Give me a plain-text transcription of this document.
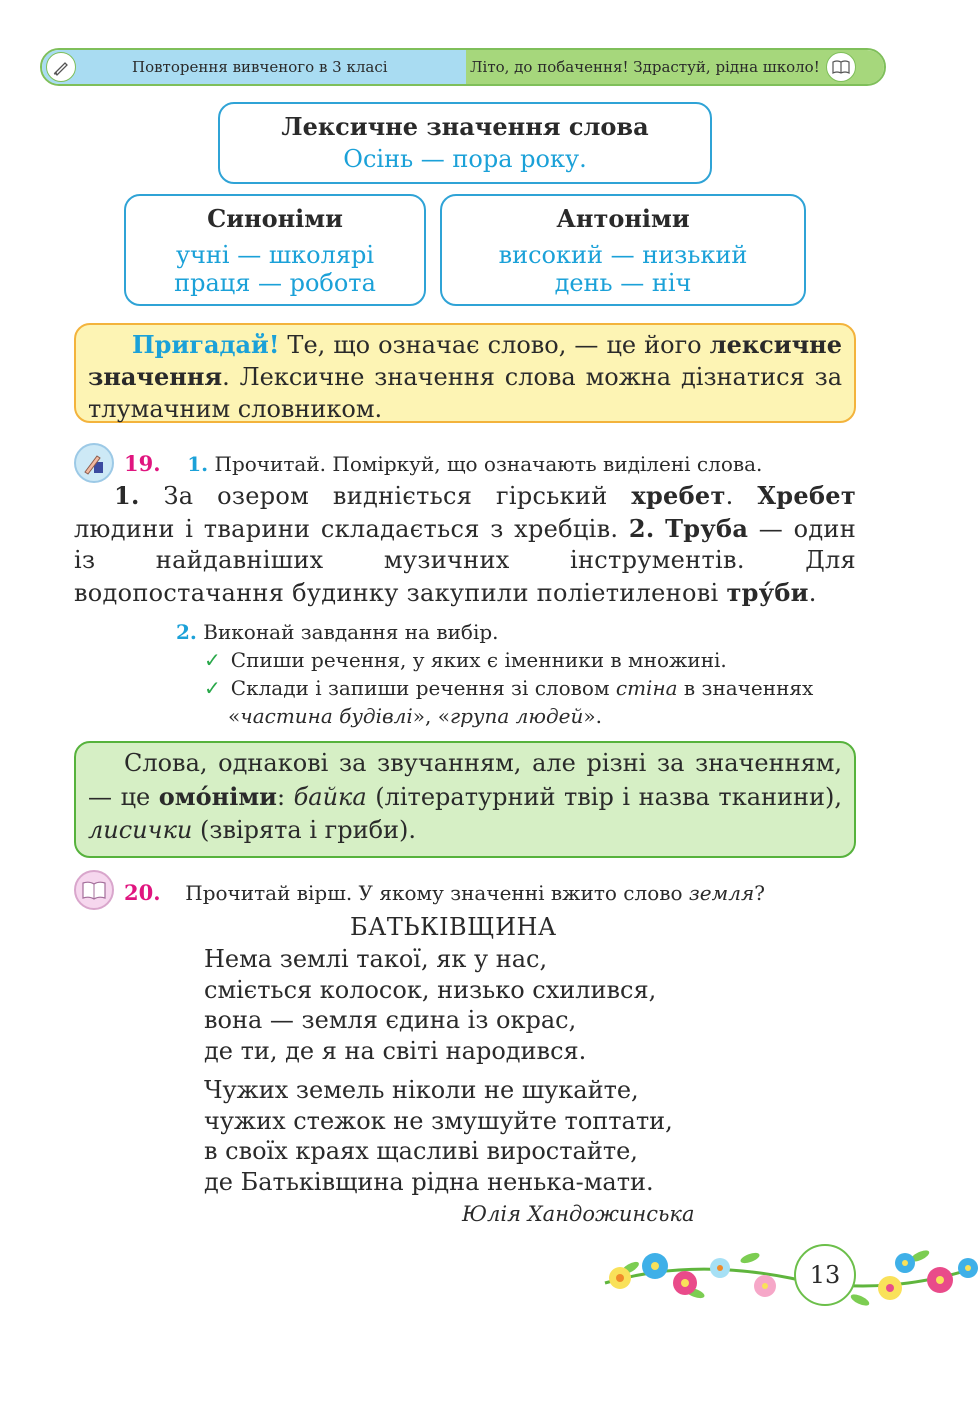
Повторення вивченого в 3 класі	Літо, до побачення! Здрастуй, рідна школо!
Лексичне значення слова
Осінь — пора року.
Синоніми
учні — школярі
праця — робота
Антоніми
високий — низький
день — ніч
Пригадай! Те, що означає слово, — це його лексичне значення. Лексичне значення слова можна дізнатися за тлумачним словником.
19. 1. Прочитай. Поміркуй, що означають виділені слова.
1. За озером видніється гірський хребет. Хребет людини і тварини складається з хребців. 2. Труба — один із найдавніших музичних інструментів. Для водопостачання будинку закупили поліетиленові тру́би.
2. Виконай завдання на вибір.
✓ Спиши речення, у яких є іменники в множині.
✓ Склади і запиши речення зі словом стіна в значеннях
«частина будівлі», «група людей».
Слова, однакові за звучанням, але різні за значенням, — це омо́німи: байка (літературний твір і назва тканини), лисички (звірята і гриби).
20. Прочитай вірш. У якому значенні вжито слово земля?
БАТЬКІВЩИНА
Нема землі такої, як у нас,
сміється колосок, низько схилився,
вона — земля єдина із окрас,
де ти, де я на світі народився.
Чужих земель ніколи не шукайте,
чужих стежок не змушуйте топтати,
в своїх краях щасливі виростайте,
де Батьківщина рідна ненька-мати.
Юлія Хандожинська
13
